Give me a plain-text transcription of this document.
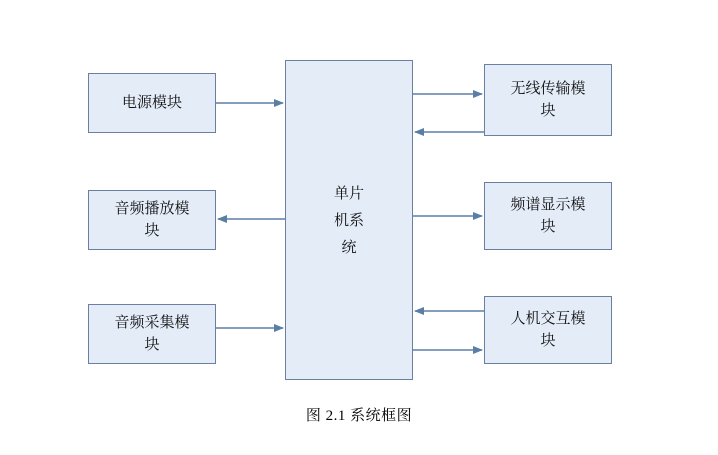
电源模块
音频播放模
块
音频采集模
块
单片
机系
统
无线传输模
块
频谱显示模
块
人机交互模
块
图 2.1 系统框图
